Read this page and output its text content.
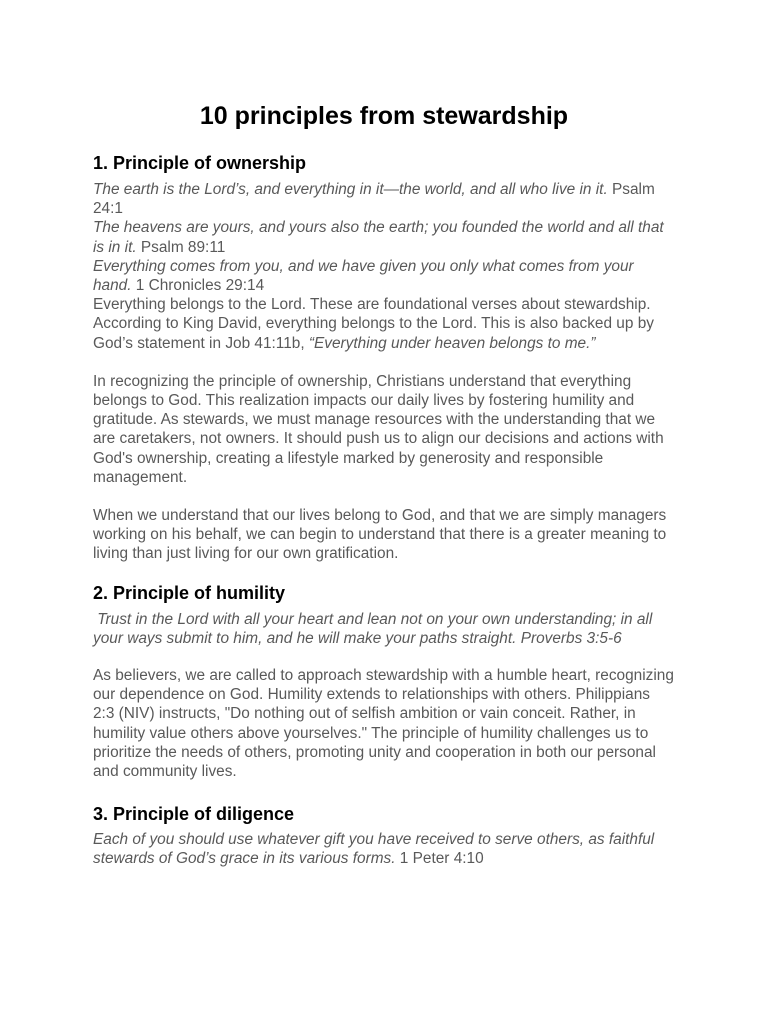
10 principles from stewardship
1. Principle of ownership

The earth is the Lord’s, and everything in it—the world, and all who live in it. Psalm 24:1

The heavens are yours, and yours also the earth; you founded the world and all that is in it. Psalm 89:11

Everything comes from you, and we have given you only what comes from your hand. 1 Chronicles 29:14

Everything belongs to the Lord. These are foundational verses about stewardship. According to King David, everything belongs to the Lord. This is also backed up by God’s statement in Job 41:11b, “Everything under heaven belongs to me.”

In recognizing the principle of ownership, Christians understand that everything belongs to God. This realization impacts our daily lives by fostering humility and gratitude. As stewards, we must manage resources with the understanding that we are caretakers, not owners. It should push us to align our decisions and actions with God's ownership, creating a lifestyle marked by generosity and responsible management.

When we understand that our lives belong to God, and that we are simply managers working on his behalf, we can begin to understand that there is a greater meaning to living than just living for our own gratification.

2. Principle of humility

Trust in the Lord with all your heart and lean not on your own understanding; in all your ways submit to him, and he will make your paths straight. Proverbs 3:5-6

As believers, we are called to approach stewardship with a humble heart, recognizing our dependence on God. Humility extends to relationships with others. Philippians 2:3 (NIV) instructs, "Do nothing out of selfish ambition or vain conceit. Rather, in humility value others above yourselves." The principle of humility challenges us to prioritize the needs of others, promoting unity and cooperation in both our personal and community lives.

3. Principle of diligence

Each of you should use whatever gift you have received to serve others, as faithful stewards of God’s grace in its various forms. 1 Peter 4:10
